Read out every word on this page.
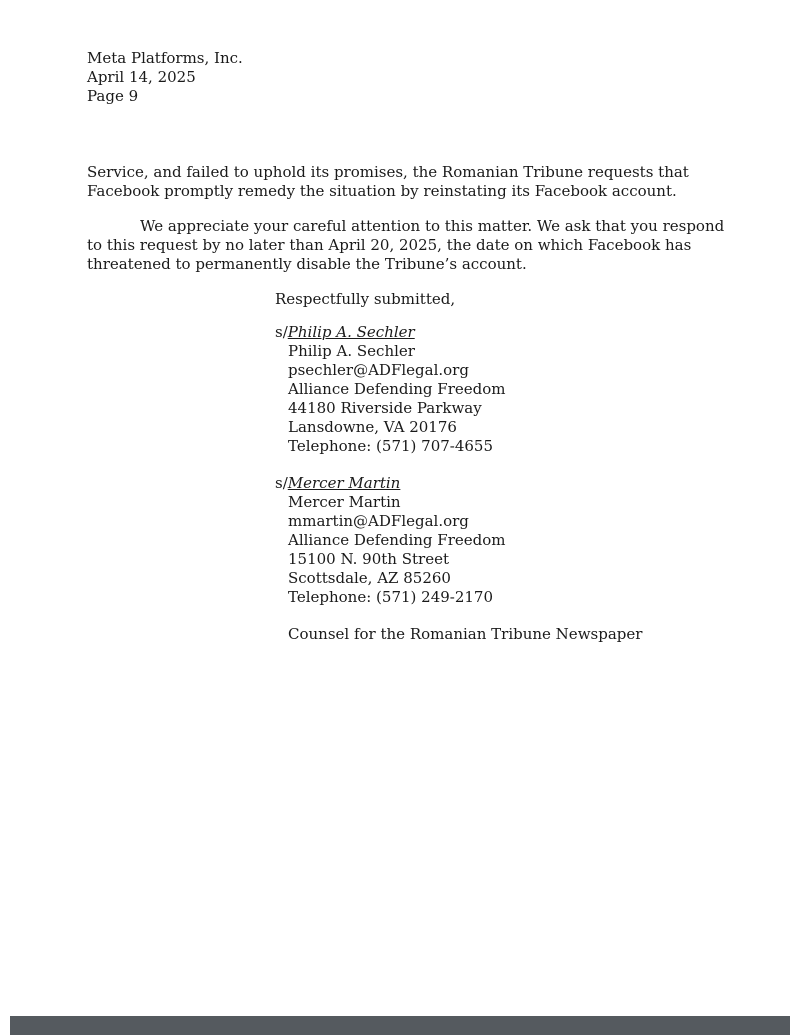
Meta Platforms, Inc.
April 14, 2025
Page 9
Service, and failed to uphold its promises, the Romanian Tribune requests that
Facebook promptly remedy the situation by reinstating its Facebook account.
We appreciate your careful attention to this matter. We ask that you respond
to this request by no later than April 20, 2025, the date on which Facebook has
threatened to permanently disable the Tribune’s account.
Respectfully submitted,
s/Philip A. Sechler
Philip A. Sechler
psechler@ADFlegal.org
Alliance Defending Freedom
44180 Riverside Parkway
Lansdowne, VA 20176
Telephone: (571) 707-4655
s/Mercer Martin
Mercer Martin
mmartin@ADFlegal.org
Alliance Defending Freedom
15100 N. 90th Street
Scottsdale, AZ 85260
Telephone: (571) 249-2170
Counsel for the Romanian Tribune Newspaper
